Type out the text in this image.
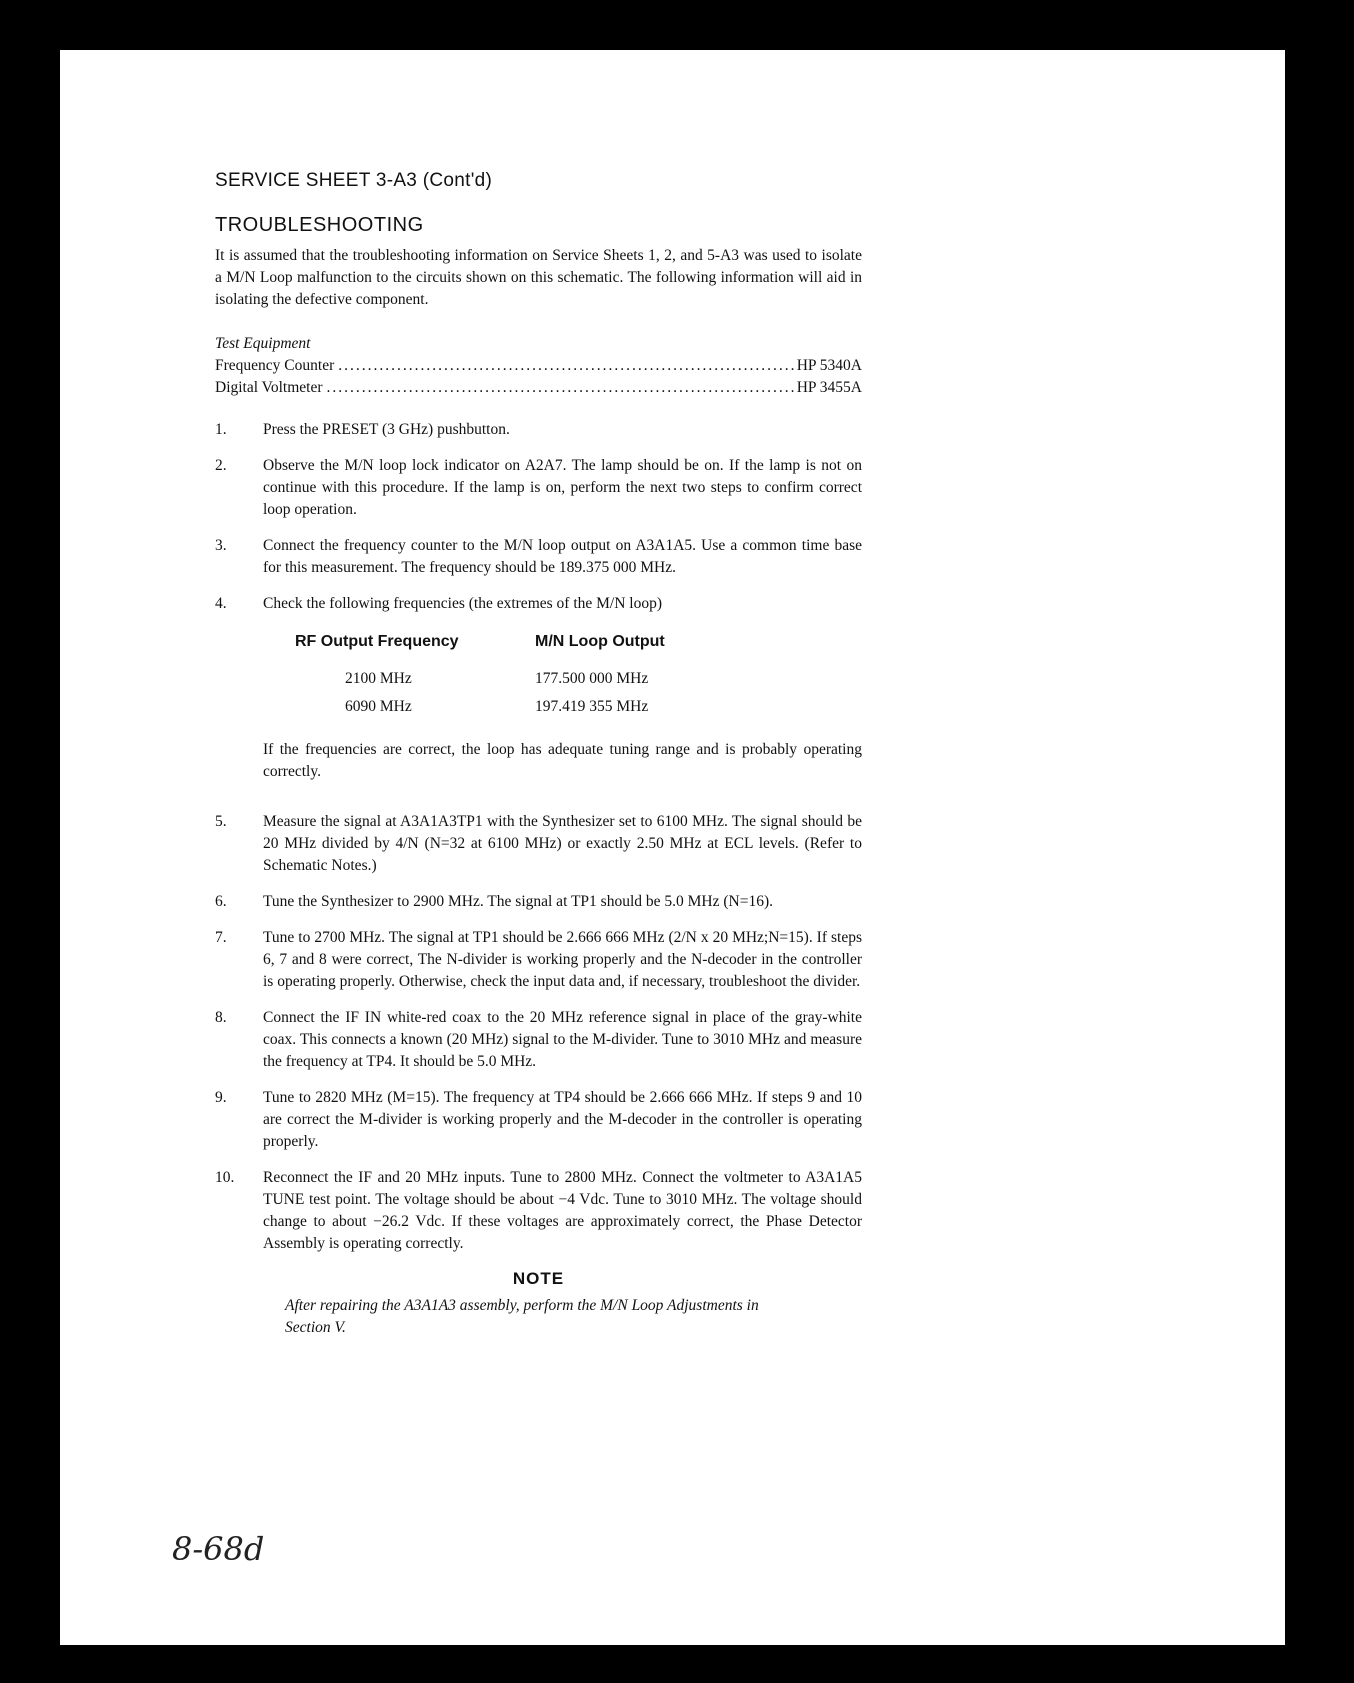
SERVICE SHEET 3-A3 (Cont'd)
TROUBLESHOOTING

It is assumed that the troubleshooting information on Service Sheets 1, 2, and 5-A3 was used to isolate a M/N Loop malfunction to the circuits shown on this schematic. The following information will aid in isolating the defective component.

Test Equipment
Frequency Counter .....	HP 5340A
Digital Voltmeter .....	HP 3455A
1.	Press the PRESET (3 GHz) pushbutton.

2.	Observe the M/N loop lock indicator on A2A7. The lamp should be on. If the lamp is not on continue with this procedure. If the lamp is on, perform the next two steps to confirm correct loop operation.

3.	Connect the frequency counter to the M/N loop output on A3A1A5. Use a common time base for this measurement. The frequency should be 189.375 000 MHz.

4.	Check the following frequencies (the extremes of the M/N loop)

RF Output Frequency	M/N Loop Output
2100 MHz	177.500 000 MHz
6090 MHz	197.419 355 MHz

If the frequencies are correct, the loop has adequate tuning range and is probably operating correctly.

5.	Measure the signal at A3A1A3TP1 with the Synthesizer set to 6100 MHz. The signal should be 20 MHz divided by 4/N (N=32 at 6100 MHz) or exactly 2.50 MHz at ECL levels. (Refer to Schematic Notes.)

6.	Tune the Synthesizer to 2900 MHz. The signal at TP1 should be 5.0 MHz (N=16).

7.	Tune to 2700 MHz. The signal at TP1 should be 2.666 666 MHz (2/N x 20 MHz;N=15). If steps 6, 7 and 8 were correct, The N-divider is working properly and the N-decoder in the controller is operating properly. Otherwise, check the input data and, if necessary, troubleshoot the divider.

8.	Connect the IF IN white-red coax to the 20 MHz reference signal in place of the gray-white coax. This connects a known (20 MHz) signal to the M-divider. Tune to 3010 MHz and measure the frequency at TP4. It should be 5.0 MHz.

9.	Tune to 2820 MHz (M=15). The frequency at TP4 should be 2.666 666 MHz. If steps 9 and 10 are correct the M-divider is working properly and the M-decoder in the controller is operating properly.

10.	Reconnect the IF and 20 MHz inputs. Tune to 2800 MHz. Connect the voltmeter to A3A1A5 TUNE test point. The voltage should be about −4 Vdc. Tune to 3010 MHz. The voltage should change to about −26.2 Vdc. If these voltages are approximately correct, the Phase Detector Assembly is operating correctly.

NOTE

After repairing the A3A1A3 assembly, perform the M/N Loop Adjustments in Section V.

8-68d
